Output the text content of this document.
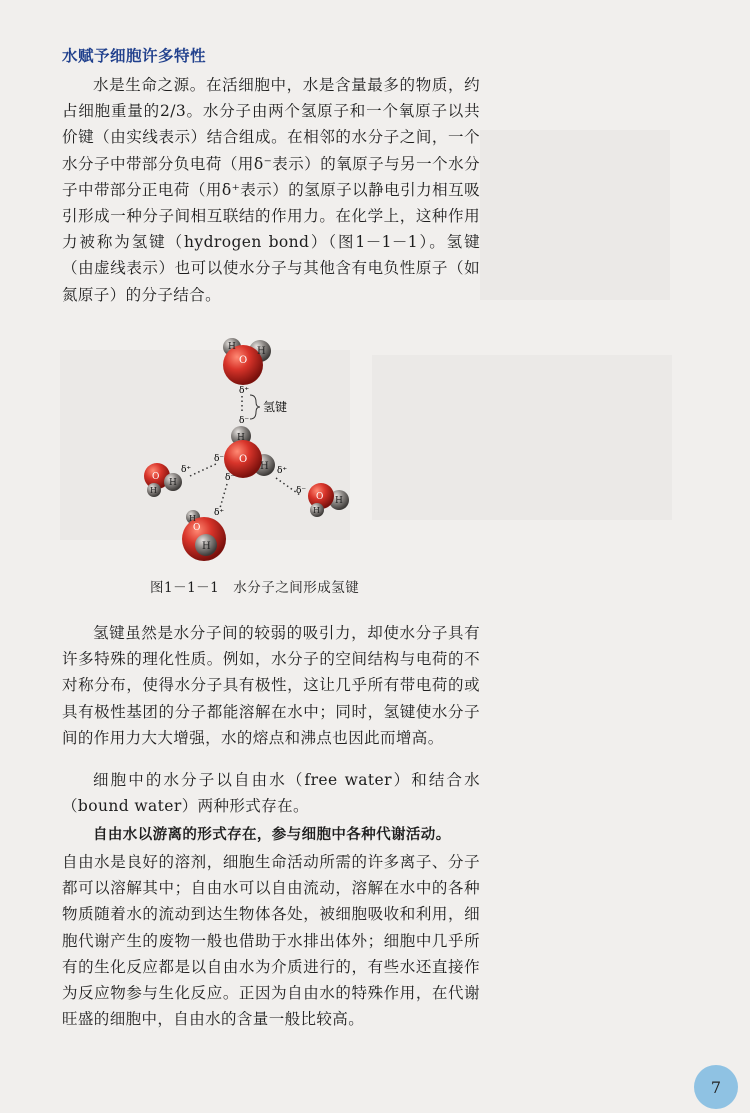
水赋予细胞许多特性

水是生命之源。在活细胞中，水是含量最多的物质，约占细胞重量的2/3。水分子由两个氢原子和一个氧原子以共价键（由实线表示）结合组成。在相邻的水分子之间，一个水分子中带部分负电荷（用δ⁻表示）的氧原子与另一个水分子中带部分正电荷（用δ⁺表示）的氢原子以静电引力相互吸引形成一种分子间相互联结的作用力。在化学上，这种作用力被称为氢键（hydrogen bond）（图1－1－1）。氢键（由虚线表示）也可以使水分子与其他含有电负性原子（如氮原子）的分子结合。

O
H H
δ⁺
δ⁻
氢键
H
O
H
δ⁺
δ⁻
O
H
H
δ⁻
δ⁺
O
H
H
δ⁺
δ⁻
O H
H
图1－1－1 水分子之间形成氢键

氢键虽然是水分子间的较弱的吸引力，却使水分子具有许多特殊的理化性质。例如，水分子的空间结构与电荷的不对称分布，使得水分子具有极性，这让几乎所有带电荷的或具有极性基团的分子都能溶解在水中；同时，氢键使水分子间的作用力大大增强，水的熔点和沸点也因此而增高。

细胞中的水分子以自由水（free water）和结合水（bound water）两种形式存在。

自由水以游离的形式存在，参与细胞中各种代谢活动。

自由水是良好的溶剂，细胞生命活动所需的许多离子、分子都可以溶解其中；自由水可以自由流动，溶解在水中的各种物质随着水的流动到达生物体各处，被细胞吸收和利用，细胞代谢产生的废物一般也借助于水排出体外；细胞中几乎所有的生化反应都是以自由水为介质进行的，有些水还直接作为反应物参与生化反应。正因为自由水的特殊作用，在代谢旺盛的细胞中，自由水的含量一般比较高。

7
